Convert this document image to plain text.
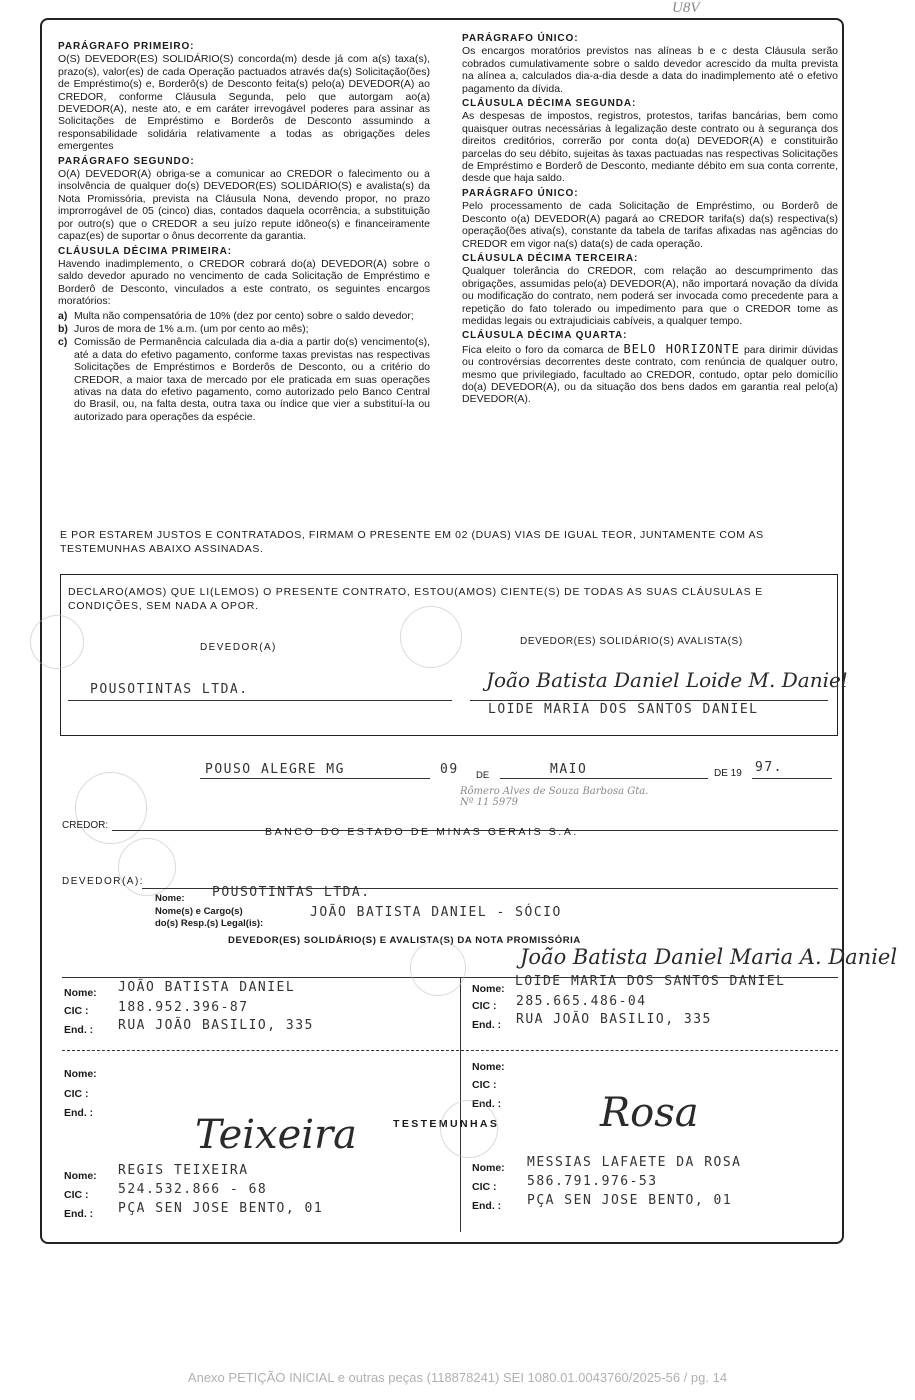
U8V
PARÁGRAFO PRIMEIRO:

O(S) DEVEDOR(ES) SOLIDÁRIO(S) concorda(m) desde já com a(s) taxa(s), prazo(s), valor(es) de cada Operação pactuados através da(s) Solicitação(ões) de Empréstimo(s) e, Borderô(s) de Desconto feita(s) pelo(a) DEVEDOR(A) ao CREDOR, conforme Cláusula Segunda, pelo que autorgam ao(a) DEVEDOR(A), neste ato, e em caráter irrevogável poderes para assinar as Solicitações de Empréstimo e Borderôs de Desconto assumindo a responsabilidade solidária relativamente a todas as obrigações deles emergentes

PARÁGRAFO SEGUNDO:

O(A) DEVEDOR(A) obriga-se a comunicar ao CREDOR o falecimento ou a insolvência de qualquer do(s) DEVEDOR(ES) SOLIDÁRIO(S) e avalista(s) da Nota Promissória, prevista na Cláusula Nona, devendo propor, no prazo improrrogável de 05 (cinco) dias, contados daquela ocorrência, a substituição por outro(s) que o CREDOR a seu juízo repute idôneo(s) e financeiramente capaz(es) de suportar o ônus decorrente da garantia.

CLÁUSULA DÉCIMA PRIMEIRA:

Havendo inadimplemento, o CREDOR cobrará do(a) DEVEDOR(A) sobre o saldo devedor apurado no vencimento de cada Solicitação de Empréstimo e Borderô de Desconto, vinculados a este contrato, os seguintes encargos moratórios:

a) Multa não compensatória de 10% (dez por cento) sobre o saldo devedor;
b) Juros de mora de 1% a.m. (um por cento ao mês);
c) Comissão de Permanência calculada dia a-dia a partir do(s) vencimento(s), até a data do efetivo pagamento, conforme taxas previstas nas respectivas Solicitações de Empréstimos e Borderôs de Desconto, ou a critério do CREDOR, a maior taxa de mercado por ele praticada em suas operações ativas na data do efetivo pagamento, como autorizado pelo Banco Central do Brasil, ou, na falta desta, outra taxa ou índice que vier a substituí-la ou autorizado para operações da espécie.
PARÁGRAFO ÚNICO:

Os encargos moratórios previstos nas alíneas b e c desta Cláusula serão cobrados cumulativamente sobre o saldo devedor acrescido da multa prevista na alínea a, calculados dia-a-dia desde a data do inadimplemento até o efetivo pagamento da dívida.

CLÁUSULA DÉCIMA SEGUNDA:

As despesas de impostos, registros, protestos, tarifas bancárias, bem como quaisquer outras necessárias à legalização deste contrato ou à segurança dos direitos creditórios, correrão por conta do(a) DEVEDOR(A) e constituirão parcelas do seu débito, sujeitas às taxas pactuadas nas respectivas Solicitações de Empréstimo e Borderô de Desconto, mediante débito em sua conta corrente, desde que haja saldo.

PARÁGRAFO ÚNICO:

Pelo processamento de cada Solicitação de Empréstimo, ou Borderô de Desconto o(a) DEVEDOR(A) pagará ao CREDOR tarifa(s) da(s) respectiva(s) operação(ões ativa(s), constante da tabela de tarifas afixadas nas agências do CREDOR em vigor na(s) data(s) de cada operação.

CLÁUSULA DÉCIMA TERCEIRA:

Qualquer tolerância do CREDOR, com relação ao descumprimento das obrigações, assumidas pelo(a) DEVEDOR(A), não importará novação da dívida ou modificação do contrato, nem poderá ser invocada como precedente para a repetição do fato tolerado ou impedimento para que o CREDOR tome as medidas legais ou extrajudiciais cabíveis, a qualquer tempo.

CLÁUSULA DÉCIMA QUARTA:

Fica eleito o foro da comarca de BELO HORIZONTE para dirimir dúvidas ou controvérsias decorrentes deste contrato, com renúncia de qualquer outro, mesmo que privilegiado, facultado ao CREDOR, contudo, optar pelo domicílio do(a) DEVEDOR(A), ou da situação dos bens dados em garantia real pelo(a) DEVEDOR(A).

E POR ESTAREM JUSTOS E CONTRATADOS, FIRMAM O PRESENTE EM 02 (DUAS) VIAS DE IGUAL TEOR, JUNTAMENTE COM AS TESTEMUNHAS ABAIXO ASSINADAS.
DECLARO(AMOS) QUE LI(LEMOS) O PRESENTE CONTRATO, ESTOU(AMOS) CIENTE(S) DE TODAS AS SUAS CLÁUSULAS E CONDIÇÕES, SEM NADA A OPOR.
DEVEDOR(A)
DEVEDOR(ES) SOLIDÁRIO(S) AVALISTA(S)
POUSOTINTAS LTDA.	João Batista Daniel Loide M. Daniel
LOIDE MARIA DOS SANTOS DANIEL
POUSO ALEGRE MG	09 DE	MAIO	DE 19 97.
Rômero Alves de Souza Barbosa Gta. Nº 11 5979
CREDOR:
BANCO DO ESTADO DE MINAS GERAIS S.A.
DEVEDOR(A):
Nome: POUSOTINTAS LTDA.
Nome(s) e Cargo(s)
do(s) Resp.(s) Legal(is):
JOÃO BATISTA DANIEL - SÓCIO
DEVEDOR(ES) SOLIDÁRIO(S) E AVALISTA(S) DA NOTA PROMISSÓRIA
João Batista Daniel Maria A. Daniel
Nome: JOÃO BATISTA DANIEL
CIC : 188.952.396-87
End. : RUA JOÃO BASILIO, 335
Nome: LOIDE MARIA DOS SANTOS DANIEL
CIC : 285.665.486-04
End. : RUA JOÃO BASILIO, 335
Nome:
CIC :
End. :
Nome:
CIC :
End. :
TESTEMUNHAS
Teixeira
Nome: REGIS TEIXEIRA
CIC : 524.532.866 - 68
End. : PÇA SEN JOSE BENTO, 01
Rosa
Nome: MESSIAS LAFAETE DA ROSA
CIC : 586.791.976-53
End. : PÇA SEN JOSE BENTO, 01
Anexo PETIÇÃO INICIAL e outras peças (118878241) SEI 1080.01.0043760/2025-56 / pg. 14
